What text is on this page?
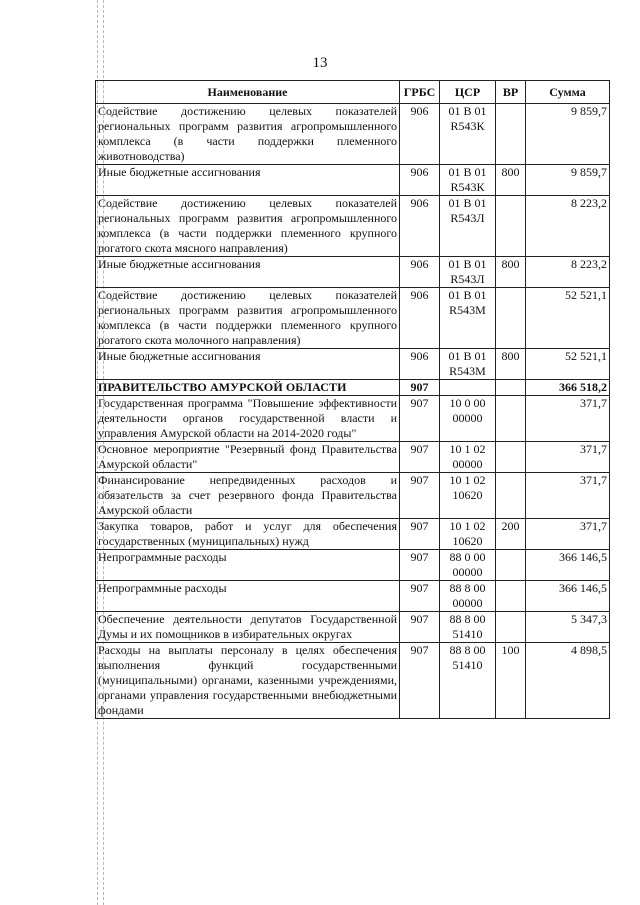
13
Наименование	ГРБС	ЦСР	ВР	Сумма
Содействие достижению целевых показателей региональных программ развития агропромышленного комплекса (в части поддержки племенного животноводства)	906	01 В 01 R543К		9 859,7
Иные бюджетные ассигнования	906	01 В 01 R543К	800	9 859,7
Содействие достижению целевых показателей региональных программ развития агропромышленного комплекса (в части поддержки племенного крупного рогатого скота мясного направления)	906	01 В 01 R543Л		8 223,2
Иные бюджетные ассигнования	906	01 В 01 R543Л	800	8 223,2
Содействие достижению целевых показателей региональных программ развития агропромышленного комплекса (в части поддержки племенного крупного рогатого скота молочного направления)	906	01 В 01 R543М		52 521,1
Иные бюджетные ассигнования	906	01 В 01 R543М	800	52 521,1
ПРАВИТЕЛЬСТВО АМУРСКОЙ ОБЛАСТИ	907			366 518,2
Государственная программа "Повышение эффективности деятельности органов государственной власти и управления Амурской области на 2014-2020 годы"	907	10 0 00 00000		371,7
Основное мероприятие "Резервный фонд Правительства Амурской области"	907	10 1 02 00000		371,7
Финансирование непредвиденных расходов и обязательств за счет резервного фонда Правительства Амурской области	907	10 1 02 10620		371,7
Закупка товаров, работ и услуг для обеспечения государственных (муниципальных) нужд	907	10 1 02 10620	200	371,7
Непрограммные расходы	907	88 0 00 00000		366 146,5
Непрограммные расходы	907	88 8 00 00000		366 146,5
Обеспечение деятельности депутатов Государственной Думы и их помощников в избирательных округах	907	88 8 00 51410		5 347,3
Расходы на выплаты персоналу в целях обеспечения выполнения функций государственными (муниципальными) органами, казенными учреждениями, органами управления государственными внебюджетными фондами	907	88 8 00 51410	100	4 898,5
